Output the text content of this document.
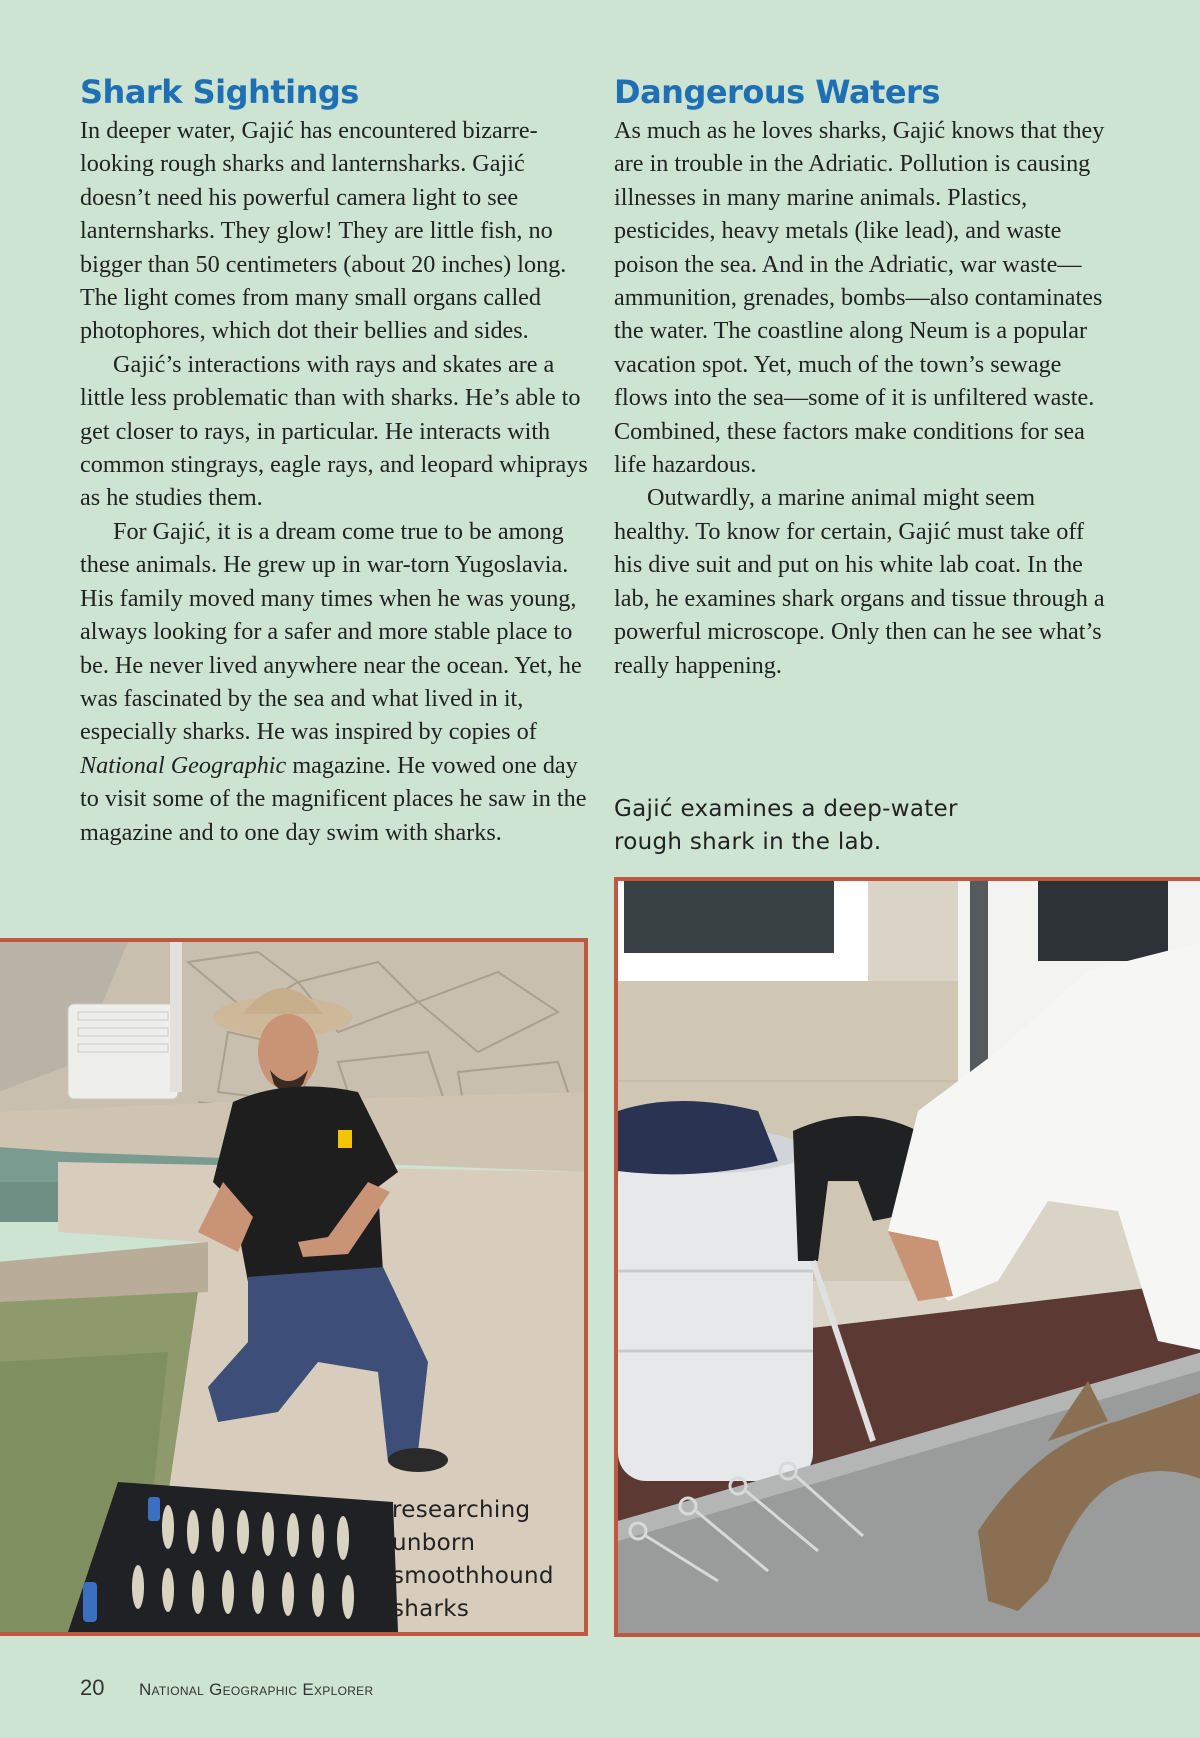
Shark Sightings

In deeper water, Gajić has encountered bizarre-looking rough sharks and lanternsharks. Gajić doesn’t need his powerful camera light to see lanternsharks. They glow! They are little fish, no bigger than 50 centimeters (about 20 inches) long. The light comes from many small organs called photophores, which dot their bellies and sides.

Gajić’s interactions with rays and skates are a little less problematic than with sharks. He’s able to get closer to rays, in particular. He interacts with common stingrays, eagle rays, and leopard whiprays as he studies them.

For Gajić, it is a dream come true to be among these animals. He grew up in war-torn Yugoslavia. His family moved many times when he was young, always looking for a safer and more stable place to be. He never lived anywhere near the ocean. Yet, he was fascinated by the sea and what lived in it, especially sharks. He was inspired by copies of National Geographic magazine. He vowed one day to visit some of the magnificent places he saw in the magazine and to one day swim with sharks.

Dangerous Waters

As much as he loves sharks, Gajić knows that they are in trouble in the Adriatic. Pollution is causing illnesses in many marine animals. Plastics, pesticides, heavy metals (like lead), and waste poison the sea. And in the Adriatic, war waste—ammunition, grenades, bombs—also contaminates the water. The coastline along Neum is a popular vacation spot. Yet, much of the town’s sewage flows into the sea—some of it is unfiltered waste. Combined, these factors make conditions for sea life hazardous.

Outwardly, a marine animal might seem healthy. To know for certain, Gajić must take off his dive suit and put on his white lab coat. In the lab, he examines shark organs and tissue through a powerful microscope. Only then can he see what’s really happening.

Gajić examines a deep-water rough shark in the lab.
researching unborn smoothhound sharks
20 National Geographic Explorer
